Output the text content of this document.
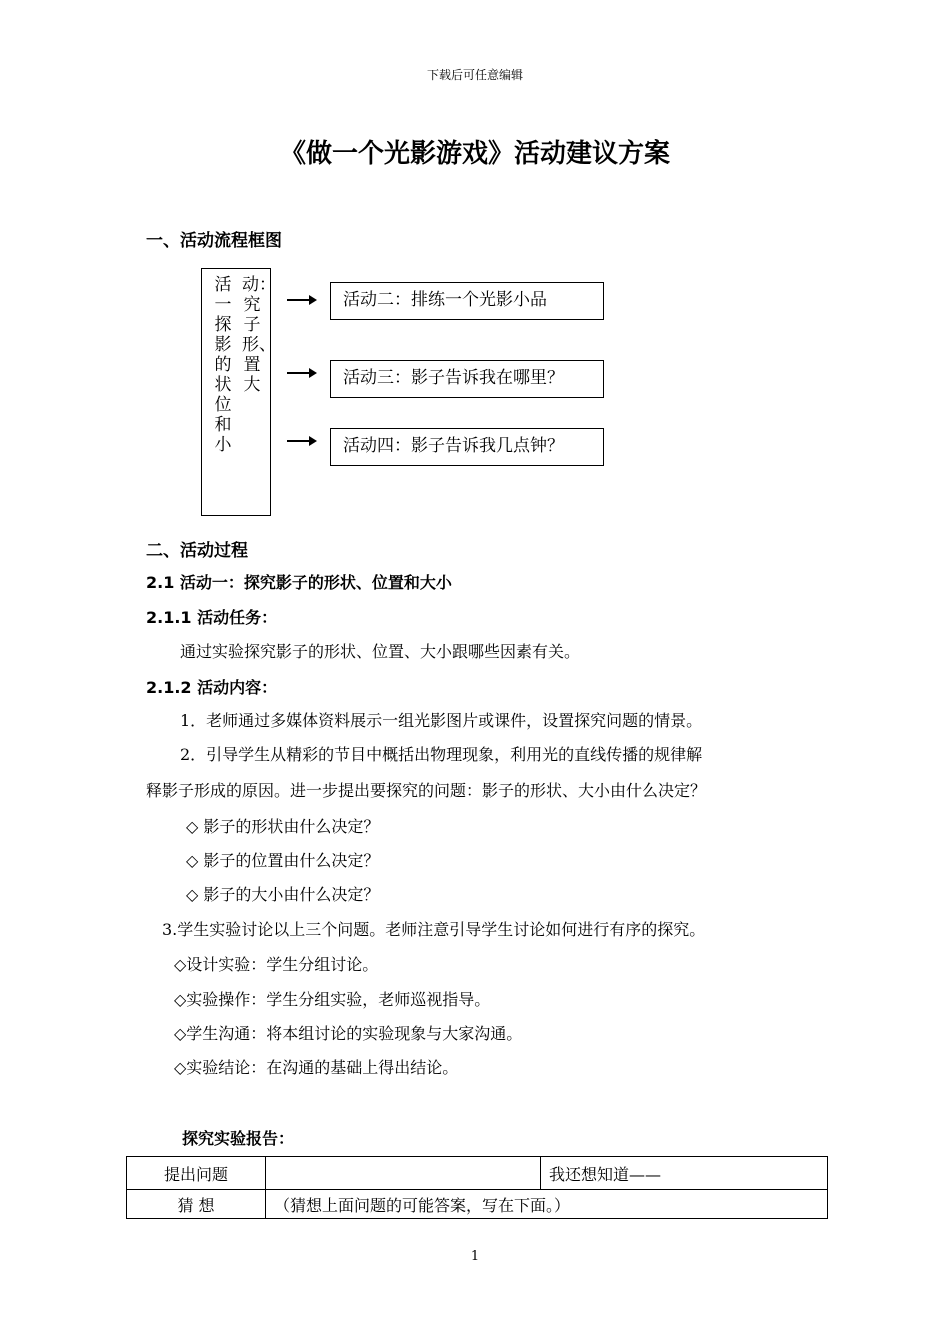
下载后可任意编辑
《做一个光影游戏》活动建议方案
一、活动流程框图
活一探影的状位和小
动：究子形、置大
活动二：排练一个光影小品
活动三：影子告诉我在哪里？
活动四：影子告诉我几点钟？
二、活动过程
2.1 活动一：探究影子的形状、位置和大小
2.1.1 活动任务：
通过实验探究影子的形状、位置、大小跟哪些因素有关。
2.1.2 活动内容：
1．老师通过多媒体资料展示一组光影图片或课件，设置探究问题的情景。
2．引导学生从精彩的节目中概括出物理现象，利用光的直线传播的规律解
释影子形成的原因。进一步提出要探究的问题：影子的形状、大小由什么决定？
◇ 影子的形状由什么决定？
◇ 影子的位置由什么决定？
◇ 影子的大小由什么决定？
3.学生实验讨论以上三个问题。老师注意引导学生讨论如何进行有序的探究。
◇设计实验：学生分组讨论。
◇实验操作：学生分组实验，老师巡视指导。
◇学生沟通：将本组讨论的实验现象与大家沟通。
◇实验结论：在沟通的基础上得出结论。
探究实验报告：
提出问题		我还想知道——
猜 想	（猜想上面问题的可能答案，写在下面。）	
1
